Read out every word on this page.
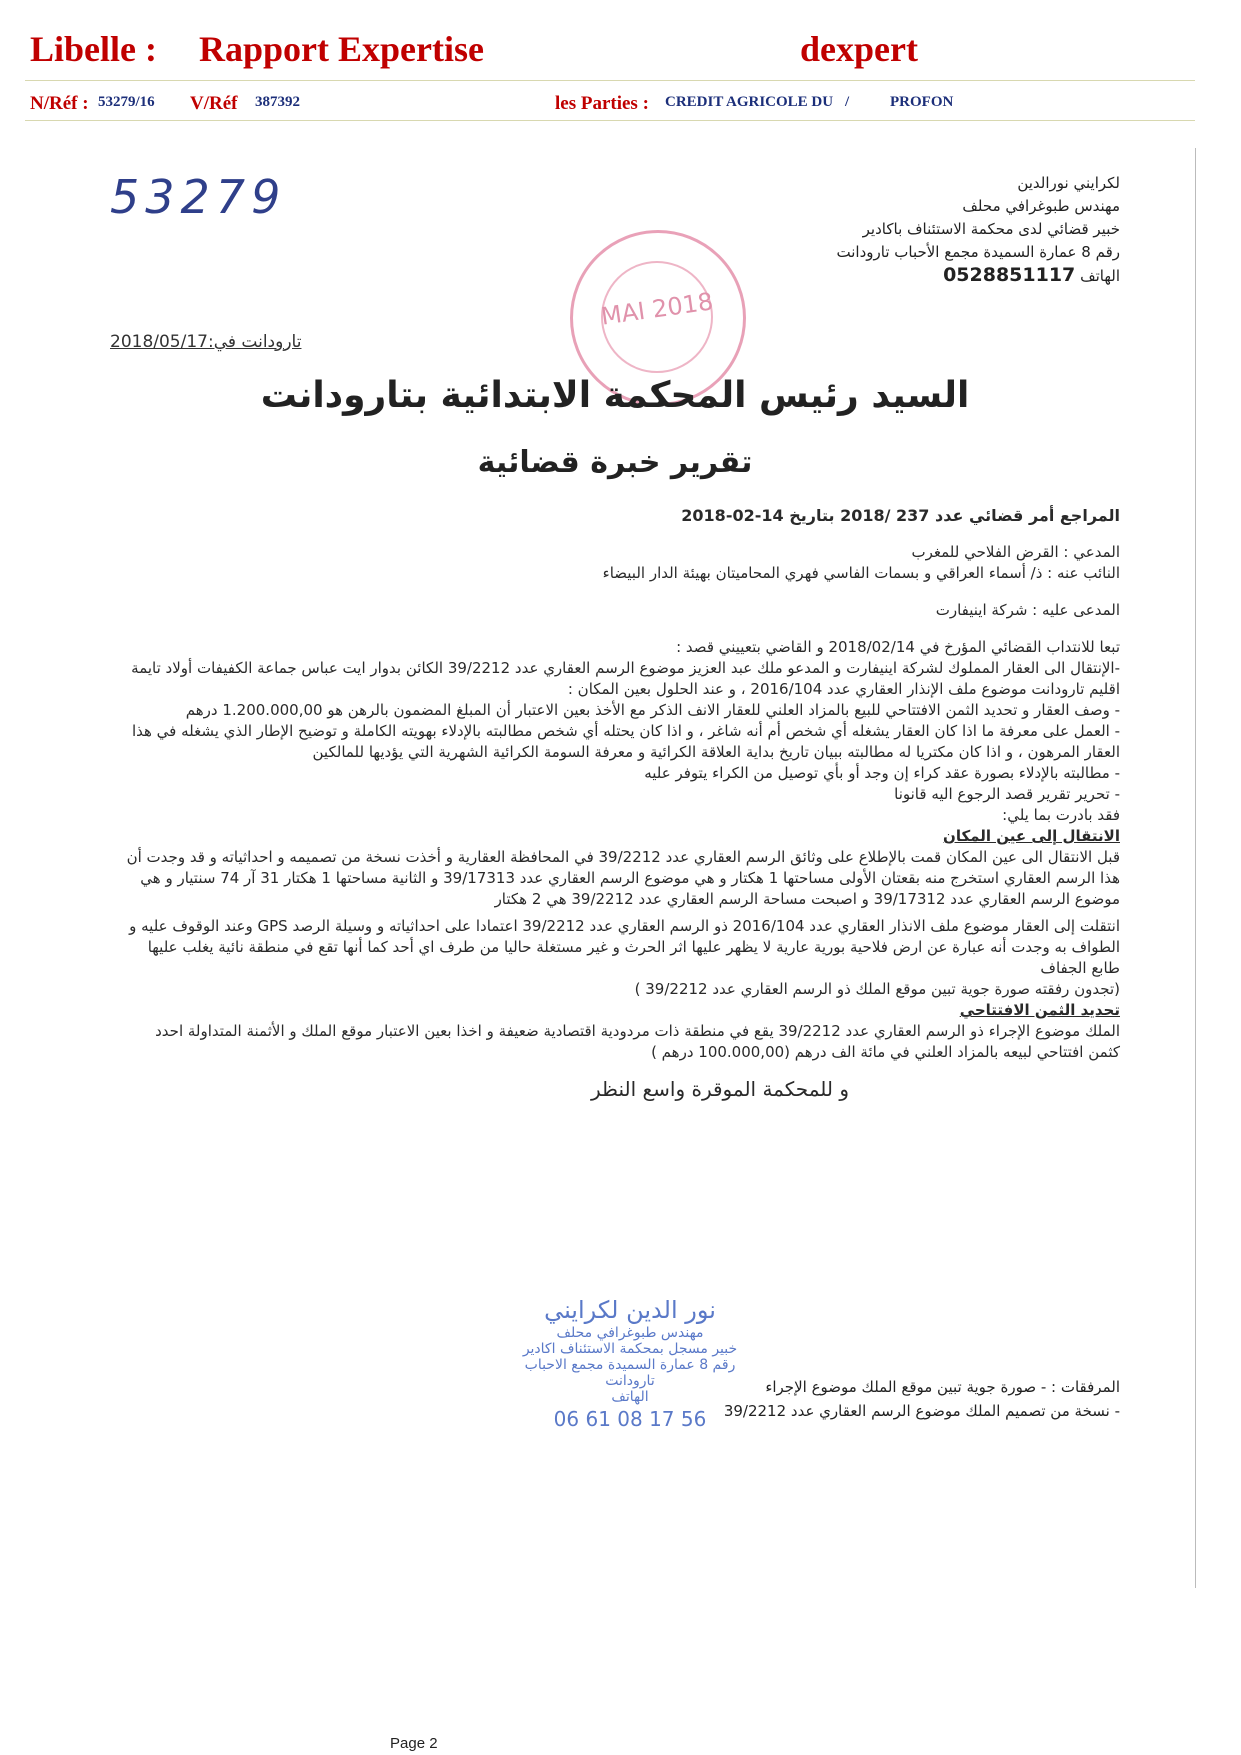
Libelle : Rapport Expertise	dexpert
N/Réf : 53279/16 V/Réf 387392	les Parties : CREDIT AGRICOLE DU /	PROFON
53279	لكرايني نورالدين
مهندس طبوغرافي محلف
خبير قضائي لدى محكمة الاستئناف باكادير
رقم 8 عمارة السميدة مجمع الأحباب تارودانت
الهاتف 0528851117
MAI 2018
تارودانت في:2018/05/17
السيد رئيس المحكمة الابتدائية بتارودانت
تقرير خبرة قضائية

المراجع أمر قضائي عدد 237 /2018 بتاريخ 14-02-2018

المدعي : القرض الفلاحي للمغرب

النائب عنه : ذ/ أسماء العراقي و بسمات الفاسي فهري المحاميتان بهيئة الدار البيضاء

المدعى عليه : شركة اينيفارت

تبعا للانتداب القضائي المؤرخ في 2018/02/14 و القاضي بتعييني قصد :

-الإنتقال الى العقار المملوك لشركة اينيفارت و المدعو ملك عبد العزيز موضوع الرسم العقاري عدد 39/2212 الكائن بدوار ايت عباس جماعة الكفيفات أولاد تايمة اقليم تارودانت موضوع ملف الإنذار العقاري عدد 2016/104 ، و عند الحلول بعين المكان :

- وصف العقار و تحديد الثمن الافتتاحي للبيع بالمزاد العلني للعقار الانف الذكر مع الأخذ بعين الاعتبار أن المبلغ المضمون بالرهن هو 1.200.000,00 درهم

- العمل على معرفة ما اذا كان العقار يشغله أي شخص أم أنه شاغر ، و اذا كان يحتله أي شخص مطالبته بالإدلاء بهويته الكاملة و توضيح الإطار الذي يشغله في هذا العقار المرهون ، و اذا كان مكتريا له مطالبته ببيان تاريخ بداية العلاقة الكرائية و معرفة السومة الكرائية الشهرية التي يؤديها للمالكين

- مطالبته بالإدلاء بصورة عقد كراء إن وجد أو بأي توصيل من الكراء يتوفر عليه

- تحرير تقرير قصد الرجوع اليه قانونا

فقد بادرت بما يلي:

الانتقال إلى عين المكان

قبل الانتقال الى عين المكان قمت بالإطلاع على وثائق الرسم العقاري عدد 39/2212 في المحافظة العقارية و أخذت نسخة من تصميمه و احداثياته و قد وجدت أن هذا الرسم العقاري استخرج منه بقعتان الأولى مساحتها 1 هكتار و هي موضوع الرسم العقاري عدد 39/17313 و الثانية مساحتها 1 هكتار 31 آر 74 سنتيار و هي موضوع الرسم العقاري عدد 39/17312 و اصبحت مساحة الرسم العقاري عدد 39/2212 هي 2 هكتار

انتقلت إلى العقار موضوع ملف الانذار العقاري عدد 2016/104 ذو الرسم العقاري عدد 39/2212 اعتمادا على احداثياته و وسيلة الرصد GPS وعند الوقوف عليه و الطواف به وجدت أنه عبارة عن ارض فلاحية بورية عارية لا يظهر عليها اثر الحرث و غير مستغلة حاليا من طرف اي أحد كما أنها تقع في منطقة نائية يغلب عليها طابع الجفاف

(تجدون رفقته صورة جوية تبين موقع الملك ذو الرسم العقاري عدد 39/2212 )

تحديد الثمن الافتتاحي

الملك موضوع الإجراء ذو الرسم العقاري عدد 39/2212 يقع في منطقة ذات مردودية اقتصادية ضعيفة و اخذا بعين الاعتبار موقع الملك و الأثمنة المتداولة احدد كثمن افتتاحي لبيعه بالمزاد العلني في مائة الف درهم (100.000,00 درهم )

و للمحكمة الموقرة واسع النظر

نور الدين لكرايني
مهندس طبوغرافي محلف
خبير مسجل بمحكمة الاستئناف اكادير
رقم 8 عمارة السميدة مجمع الاحباب تارودانت
الهاتف
06 61 08 17 56
المرفقات : - صورة جوية تبين موقع الملك موضوع الإجراء
- نسخة من تصميم الملك موضوع الرسم العقاري عدد 39/2212
Page 2
